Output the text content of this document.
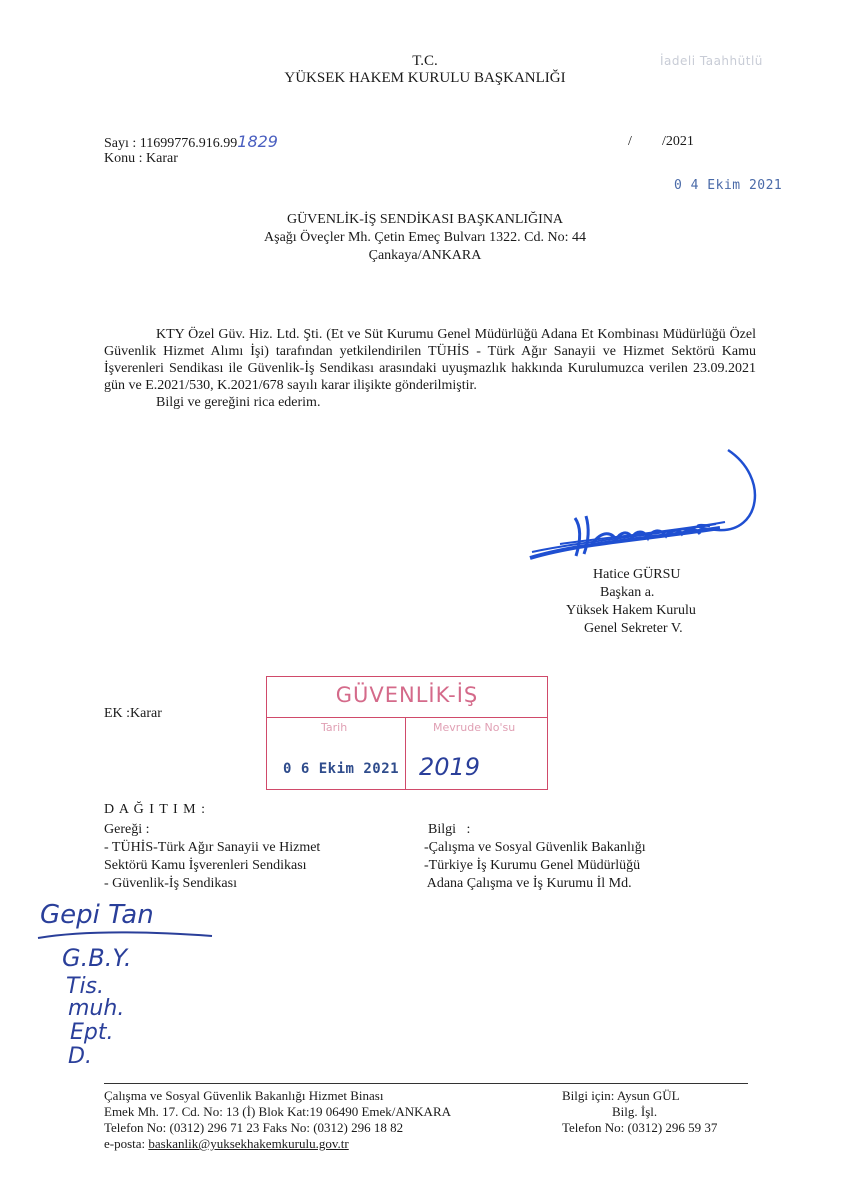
T.C.
YÜKSEK HAKEM KURULU BAŞKANLIĞI
İadeli Taahhütlü
Sayı : 11699776.916.991829	/ /2021
Konu : Karar
0 4 Ekim 2021
GÜVENLİK-İŞ SENDİKASI BAŞKANLIĞINA
Aşağı Öveçler Mh. Çetin Emeç Bulvarı 1322. Cd. No: 44
Çankaya/ANKARA

KTY Özel Güv. Hiz. Ltd. Şti. (Et ve Süt Kurumu Genel Müdürlüğü Adana Et Kombinası Müdürlüğü Özel Güvenlik Hizmet Alımı İşi) tarafından yetkilendirilen TÜHİS - Türk Ağır Sanayii ve Hizmet Sektörü Kamu İşverenleri Sendikası ile Güvenlik-İş Sendikası arasındaki uyuşmazlık hakkında Kurulumuzca verilen 23.09.2021 gün ve E.2021/530, K.2021/678 sayılı karar ilişikte gönderilmiştir.

Bilgi ve gereğini rica ederim.

Hatice GÜRSU
Başkan a.
Yüksek Hakem Kurulu
Genel Sekreter V.
EK :Karar
GÜVENLİK-İŞ
Tarih	Mevrude No'su
0 6 Ekim 2021 2019
D A Ğ I T I M :
Gereği :
- TÜHİS-Türk Ağır Sanayii ve Hizmet
Sektörü Kamu İşverenleri Sendikası
- Güvenlik-İş Sendikası
Bilgi   :
-Çalışma ve Sosyal Güvenlik Bakanlığı
-Türkiye İş Kurumu Genel Müdürlüğü
Adana Çalışma ve İş Kurumu İl Md.
Gepi Tan
G.B.Y.
Tis.
muh.
Ept.
D.
Çalışma ve Sosyal Güvenlik Bakanlığı Hizmet Binası
Emek Mh. 17. Cd. No: 13 (İ) Blok Kat:19 06490 Emek/ANKARA
Telefon No: (0312) 296 71 23 Faks No: (0312) 296 18 82
e-posta: baskanlik@yuksekhakemkurulu.gov.tr
Bilgi için: Aysun GÜL
Bilg. İşl.
Telefon No: (0312) 296 59 37
